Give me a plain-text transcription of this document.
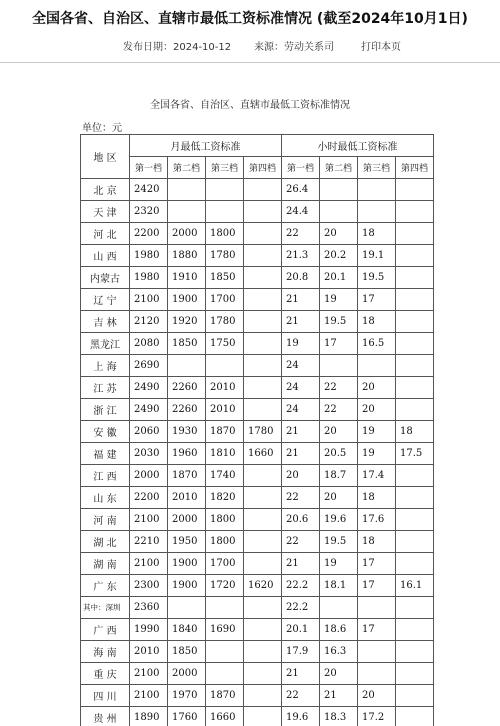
全国各省、自治区、直辖市最低工资标准情况 (截至2024年10月1日)
发布日期：2024-10-12 来源：劳动关系司	打印本页
全国各省、自治区、直辖市最低工资标准情况
单位：元
地 区	月最低工资标准				小时最低工资标准			
	第一档	第二档	第三档	第四档	第一档	第二档	第三档	第四档
北 京	2420				26.4			
天 津	2320				24.4			
河 北	2200	2000	1800		22	20	18	
山 西	1980	1880	1780		21.3	20.2	19.1	
内蒙古	1980	1910	1850		20.8	20.1	19.5	
辽 宁	2100	1900	1700		21	19	17	
吉 林	2120	1920	1780		21	19.5	18	
黑龙江	2080	1850	1750		19	17	16.5	
上 海	2690				24			
江 苏	2490	2260	2010		24	22	20	
浙 江	2490	2260	2010		24	22	20	
安 徽	2060	1930	1870	1780	21	20	19	18
福 建	2030	1960	1810	1660	21	20.5	19	17.5
江 西	2000	1870	1740		20	18.7	17.4	
山 东	2200	2010	1820		22	20	18	
河 南	2100	2000	1800		20.6	19.6	17.6	
湖 北	2210	1950	1800		22	19.5	18	
湖 南	2100	1900	1700		21	19	17	
广 东	2300	1900	1720	1620	22.2	18.1	17	16.1
其中：深圳	2360				22.2			
广 西	1990	1840	1690		20.1	18.6	17	
海 南	2010	1850			17.9	16.3		
重 庆	2100	2000			21	20		
四 川	2100	1970	1870		22	21	20	
贵 州	1890	1760	1660		19.6	18.3	17.2	
